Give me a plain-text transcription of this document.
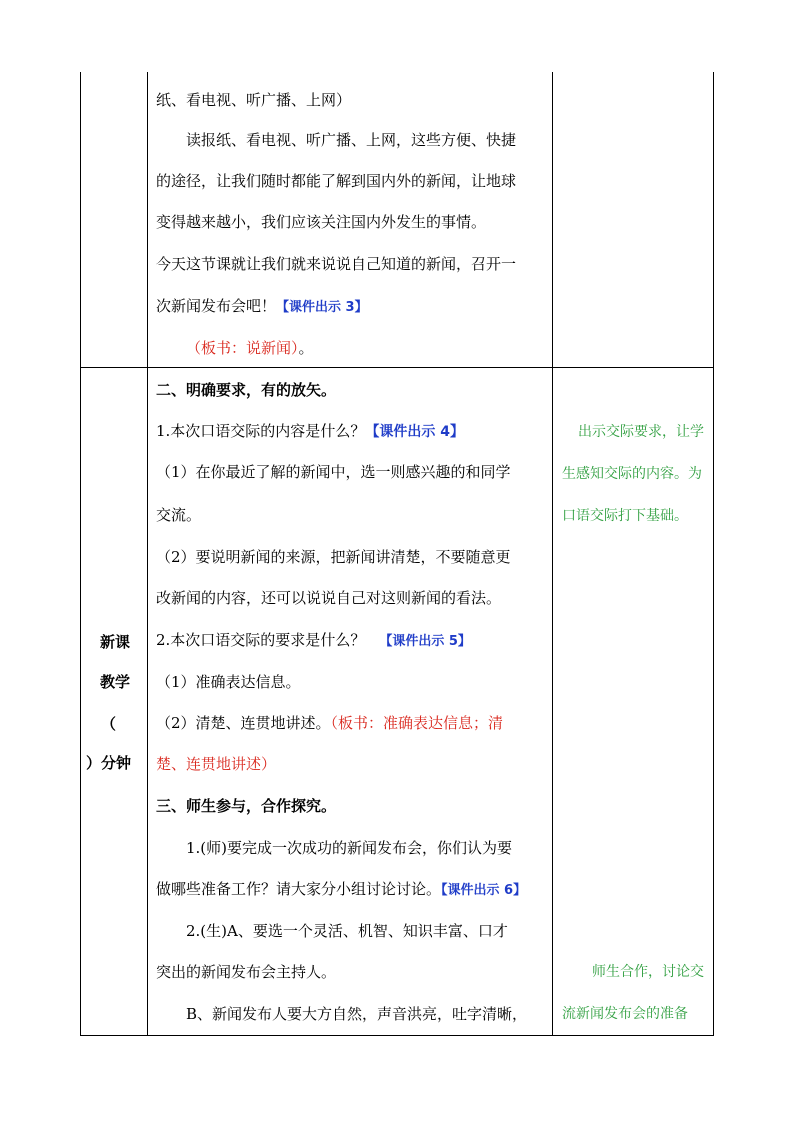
新课
教学
（
）分钟
纸、看电视、听广播、上网）
读报纸、看电视、听广播、上网，这些方便、快捷
的途径，让我们随时都能了解到国内外的新闻，让地球
变得越来越小，我们应该关注国内外发生的事情。
今天这节课就让我们就来说说自己知道的新闻，召开一
次新闻发布会吧！【课件出示 3】
（板书：说新闻）。
二、明确要求，有的放矢。
1.本次口语交际的内容是什么？【课件出示 4】
（1）在你最近了解的新闻中，选一则感兴趣的和同学
交流。
（2）要说明新闻的来源，把新闻讲清楚，不要随意更
改新闻的内容，还可以说说自己对这则新闻的看法。
2.本次口语交际的要求是什么？ 【课件出示 5】
（1）准确表达信息。
（2）清楚、连贯地讲述。（板书：准确表达信息；清
楚、连贯地讲述）
三、师生参与，合作探究。
1.(师)要完成一次成功的新闻发布会，你们认为要
做哪些准备工作？请大家分小组讨论讨论。【课件出示 6】
2.(生)A、要选一个灵活、机智、知识丰富、口才
突出的新闻发布会主持人。
B、新闻发布人要大方自然，声音洪亮，吐字清晰，
出示交际要求，让学
生感知交际的内容。为
口语交际打下基础。
师生合作，讨论交
流新闻发布会的准备
